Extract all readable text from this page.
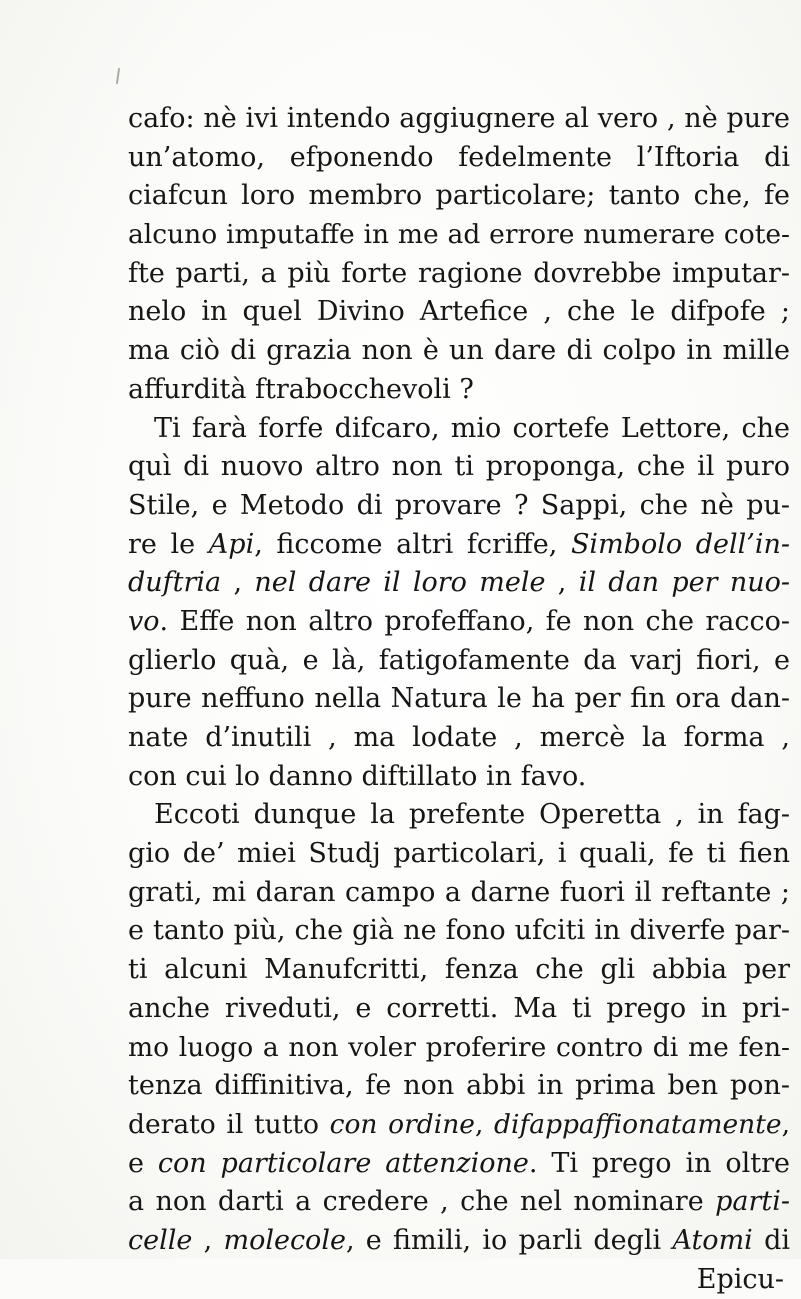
cafo: nè ivi intendo aggiugnere al vero , nè pure
un’atomo, efponendo fedelmente l’Iftoria di
ciafcun loro membro particolare; tanto che, fe
alcuno imputaffe in me ad errore numerare cote-
fte parti, a più forte ragione dovrebbe imputar-
nelo in quel Divino Artefice , che le difpofe ;
ma ciò di grazia non è un dare di colpo in mille
affurdità ftrabocchevoli ?
Ti farà forfe difcaro, mio cortefe Lettore, che
quì di nuovo altro non ti proponga, che il puro
Stile, e Metodo di provare ? Sappi, che nè pu-
re le Api, ficcome altri fcriffe, Simbolo dell’in-
duftria , nel dare il loro mele , il dan per nuo-
vo. Effe non altro profeffano, fe non che racco-
glierlo quà, e là, fatigofamente da varj fiori, e
pure neffuno nella Natura le ha per fin ora dan-
nate d’inutili , ma lodate , mercè la forma ,
con cui lo danno diftillato in favo.
Eccoti dunque la prefente Operetta , in fag-
gio de’ miei Studj particolari, i quali, fe ti fien
grati, mi daran campo a darne fuori il reftante ;
e tanto più, che già ne fono ufciti in diverfe par-
ti alcuni Manufcritti, fenza che gli abbia per
anche riveduti, e corretti. Ma ti prego in pri-
mo luogo a non voler proferire contro di me fen-
tenza diffinitiva, fe non abbi in prima ben pon-
derato il tutto con ordine, difappaffionatamente,
e con particolare attenzione. Ti prego in oltre
a non darti a credere , che nel nominare parti-
celle , molecole, e fimili, io parli degli Atomi di
Epicu-
